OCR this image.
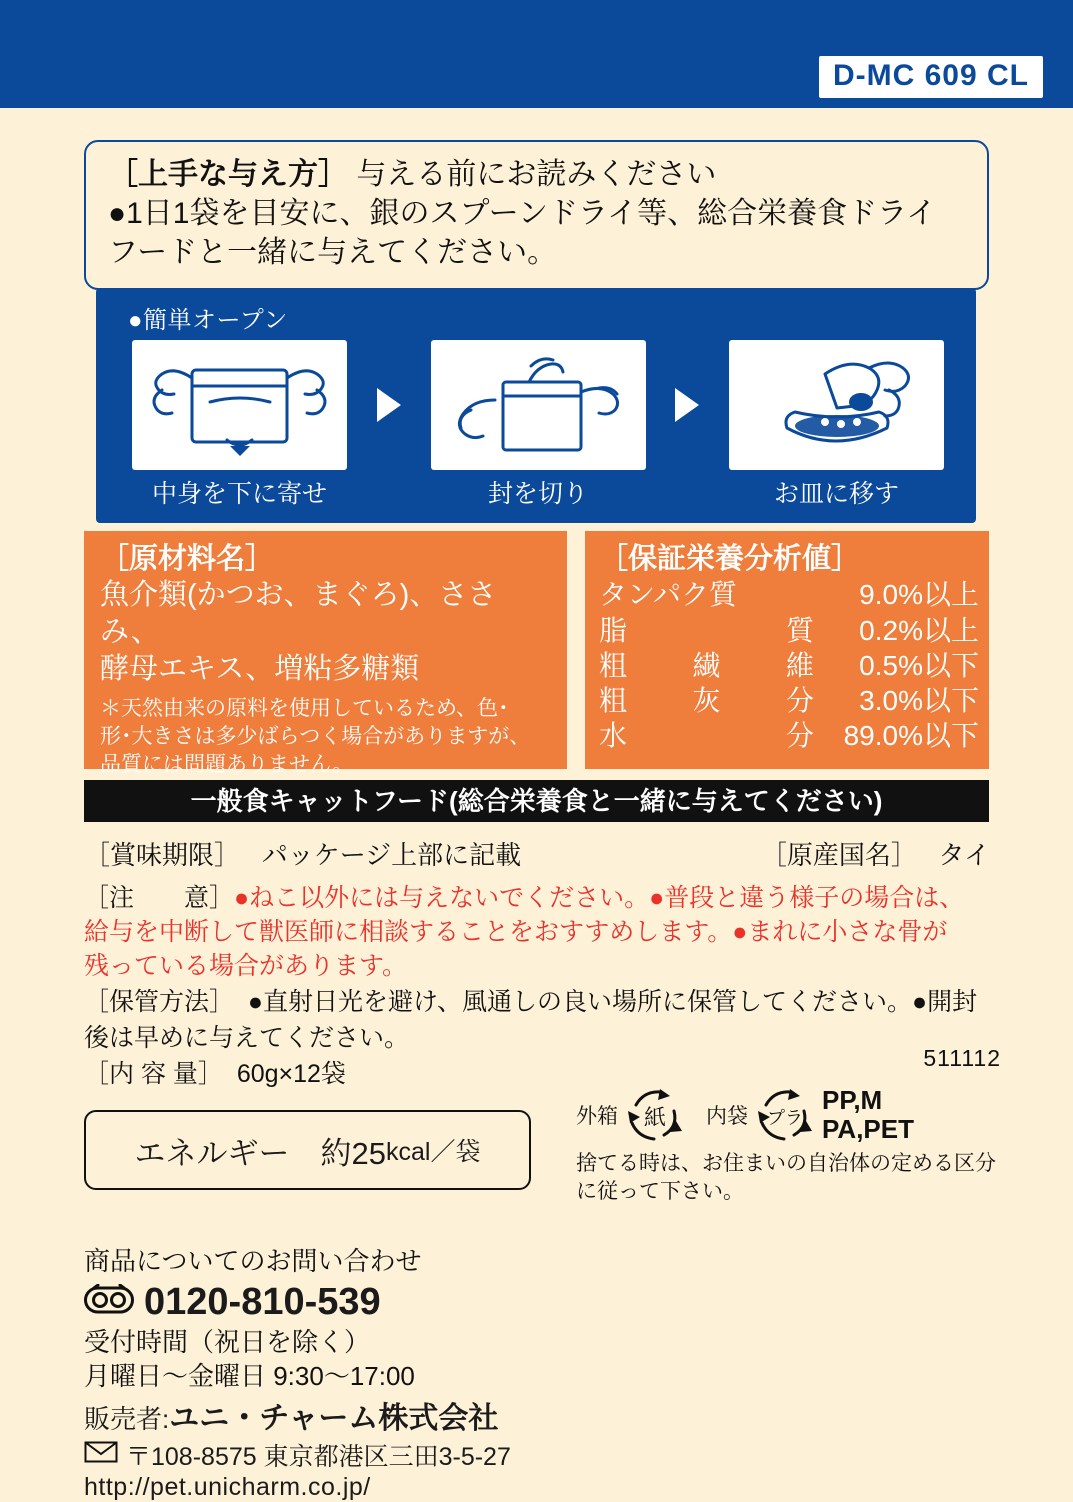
D-MC 609 CL
［上手な与え方］ 与える前にお読みください
●1日1袋を目安に、銀のスプーンドライ等、総合栄養食ドライ
フードと一緒に与えてください。
●簡単オープン
中身を下に寄せ	封を切り	お皿に移す
［原材料名］
魚介類(かつお、まぐろ)、ささみ、
酵母エキス、増粘多糖類
＊天然由来の原料を使用しているため、色･
形･大きさは多少ばらつく場合がありますが、
品質には問題ありません。
［保証栄養分析値］
タンパク質	9.0%以上
脂	質	0.2%以上
粗 繊 維	0.5%以下
粗 灰 分	3.0%以下
水	分	89.0%以下
一般食キャットフード(総合栄養食と一緒に与えてください)
［賞味期限］ パッケージ上部に記載	［原産国名］ タイ
［注　　意］●ねこ以外には与えないでください。●普段と違う様子の場合は、
給与を中断して獣医師に相談することをおすすめします。●まれに小さな骨が
残っている場合があります。
［保管方法］ ●直射日光を避け、風通しの良い場所に保管してください。●開封
後は早めに与えてください。
［内 容 量］ 60g×12袋
511112
エネルギー　約25 kcal／袋
外箱 紙 内袋 プラ
PP,M
PA,PET
捨てる時は、お住まいの自治体の定める区分
に従って下さい。
商品についてのお問い合わせ
0120-810-539
受付時間（祝日を除く）
月曜日〜金曜日 9:30〜17:00
販売者:ユニ・チャーム株式会社
〒108-8575 東京都港区三田3-5-27
http://pet.unicharm.co.jp/
